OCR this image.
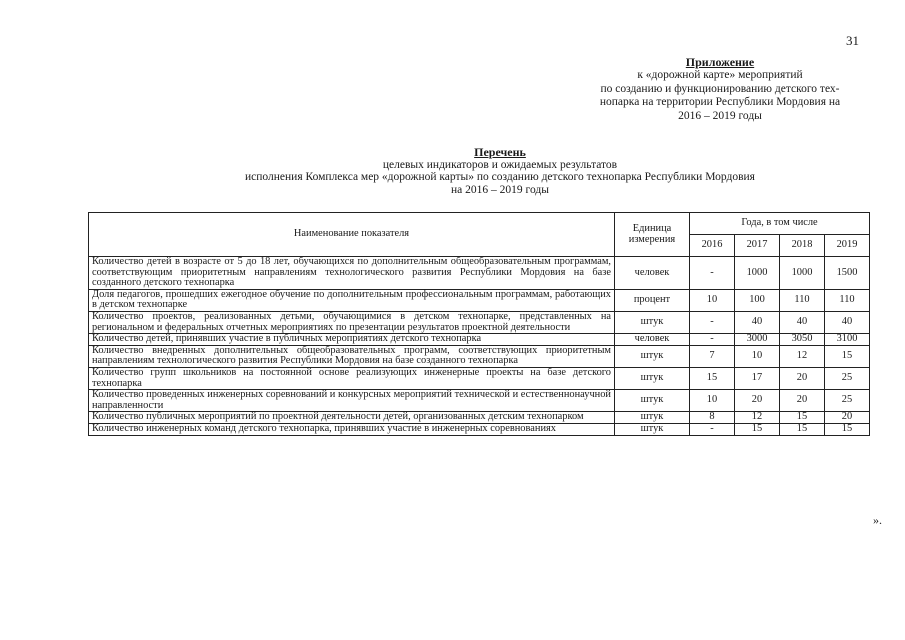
31
Приложение
к «дорожной карте» мероприятий
по созданию и функционированию детского тех-
нопарка на территории Республики Мордовия на
2016 – 2019 годы
Перечень
целевых индикаторов и ожидаемых результатов
исполнения Комплекса мер «дорожной карты» по созданию детского технопарка Республики Мордовия
на 2016 – 2019 годы
Наименование показателя	Единица измерения	Года, в том числе			
		2016	2017	2018	2019
Количество детей в возрасте от 5 до 18 лет, обучающихся по дополнительным общеобразовательным программам, соответствующим приоритетным направлениям технологического развития Республики Мордовия на базе созданного детского технопарка	человек	-	1000	1000	1500
Доля педагогов, прошедших ежегодное обучение по дополнительным профессиональным программам, работающих в детском технопарке	процент	10	100	110	110
Количество проектов, реализованных детьми, обучающимися в детском технопарке, представленных на региональном и федеральных отчетных мероприятиях по презентации результатов проектной деятельности	штук	-	40	40	40
Количество детей, принявших участие в публичных мероприятиях детского технопарка	человек	-	3000	3050	3100
Количество внедренных дополнительных общеобразовательных программ, соответствующих приоритетным направлениям технологического развития Республики Мордовия на базе созданного технопарка	штук	7	10	12	15
Количество групп школьников на постоянной основе реализующих инженерные проекты на базе детского технопарка	штук	15	17	20	25
Количество проведенных инженерных соревнований и конкурсных мероприятий технической и естественнонаучной направленности	штук	10	20	20	25
Количество публичных мероприятий по проектной деятельности детей, организованных детским технопарком	штук	8	12	15	20
Количество инженерных команд детского технопарка, принявших участие в инженерных соревнованиях	штук	-	15	15	15
».
